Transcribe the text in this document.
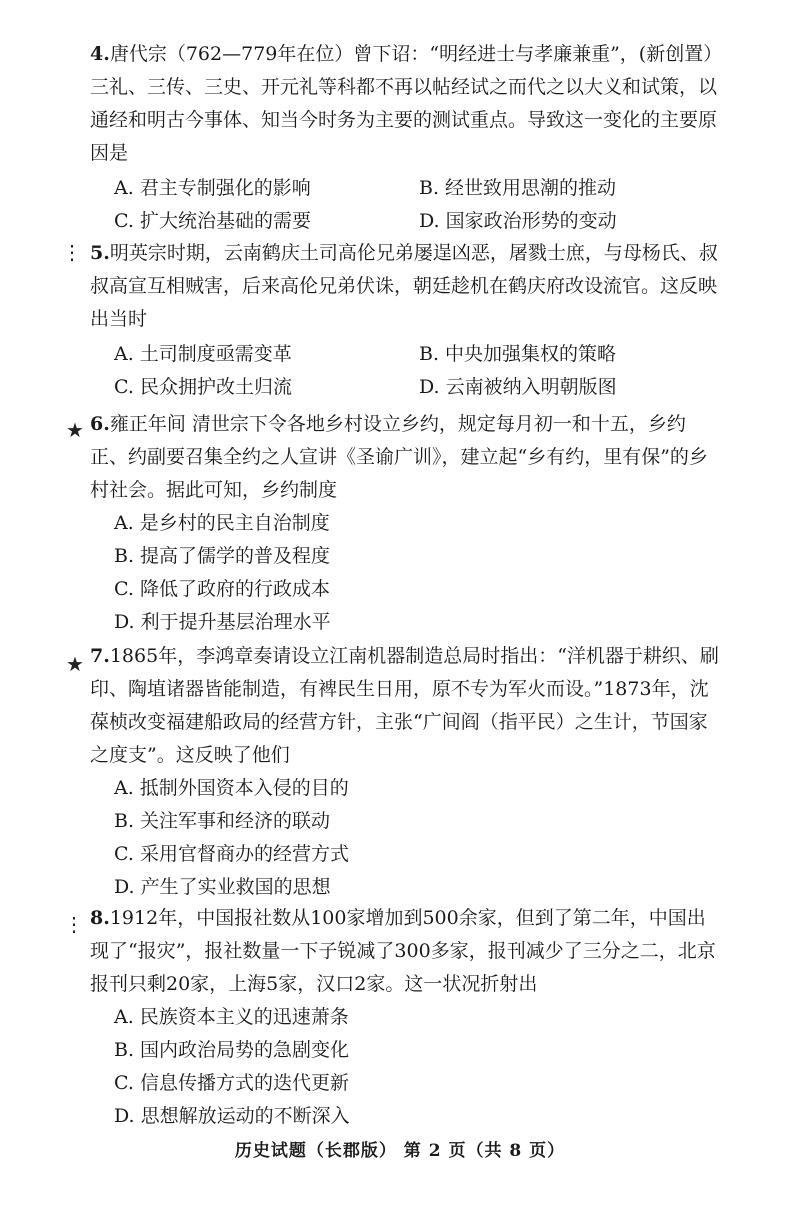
4.唐代宗（762—779年在位）曾下诏：“明经进士与孝廉兼重”，(新创置）三礼、三传、三史、开元礼等科都不再以帖经试之而代之以大义和试策，以通经和明古今事体、知当今时务为主要的测试重点。导致这一变化的主要原因是

A. 君主专制强化的影响	B. 经世致用思潮的推动
C. 扩大统治基础的需要	D. 国家政治形势的变动
⋮ 5.明英宗时期，云南鹤庆土司高伦兄弟屡逞凶恶，屠戮士庶，与母杨氏、叔叔高宣互相贼害，后来高伦兄弟伏诛，朝廷趁机在鹤庆府改设流官。这反映出当时

A. 土司制度亟需变革	B. 中央加强集权的策略
C. 民众拥护改土归流	D. 云南被纳入明朝版图
★ 6.雍正年间 清世宗下令各地乡村设立乡约，规定每月初一和十五，乡约正、约副要召集全约之人宣讲《圣谕广训》，建立起“乡有约，里有保”的乡村社会。据此可知，乡约制度

A. 是乡村的民主自治制度
B. 提高了儒学的普及程度
C. 降低了政府的行政成本
D. 利于提升基层治理水平
★ 7.1865年，李鸿章奏请设立江南机器制造总局时指出：“洋机器于耕织、刷印、陶埴诸器皆能制造，有裨民生日用，原不专为军火而设。”1873年，沈葆桢改变福建船政局的经营方针，主张“广间阎（指平民）之生计，节国家之度支”。这反映了他们

A. 抵制外国资本入侵的目的
B. 关注军事和经济的联动
C. 采用官督商办的经营方式
D. 产生了实业救国的思想
⋮ 8.1912年，中国报社数从100家增加到500余家，但到了第二年，中国出现了“报灾”，报社数量一下子锐减了300多家，报刊减少了三分之二，北京报刊只剩20家，上海5家，汉口2家。这一状况折射出

A. 民族资本主义的迅速萧条
B. 国内政治局势的急剧变化
C. 信息传播方式的迭代更新
D. 思想解放运动的不断深入
历史试题（长郡版） 第 2 页（共 8 页）
